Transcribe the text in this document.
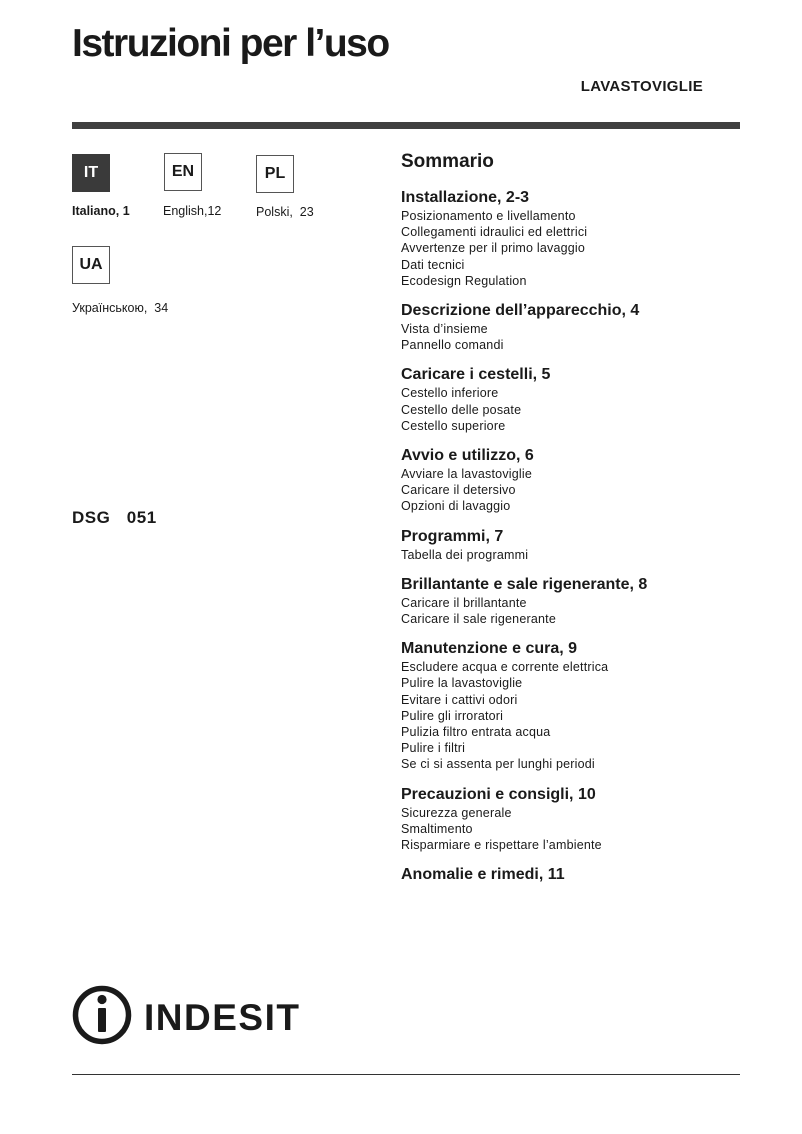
Istruzioni per l’uso
LAVASTOVIGLIE
IT
Italiano, 1
EN
English,12
PL
Polski,  23
UA
Українською,  34
DSG  051
Sommario
Installazione, 2-3
Posizionamento e livellamento
Collegamenti idraulici ed elettrici
Avvertenze per il primo lavaggio
Dati tecnici
Ecodesign Regulation
Descrizione dell’apparecchio, 4
Vista d’insieme
Pannello comandi
Caricare i cestelli, 5
Cestello inferiore
Cestello delle posate
Cestello superiore
Avvio e utilizzo, 6
Avviare la lavastoviglie
Caricare il detersivo
Opzioni di lavaggio
Programmi, 7
Tabella dei programmi
Brillantante e sale rigenerante, 8
Caricare il brillantante
Caricare il sale rigenerante
Manutenzione e cura, 9
Escludere acqua e corrente elettrica
Pulire la lavastoviglie
Evitare i cattivi odori
Pulire gli irroratori
Pulizia filtro entrata acqua
Pulire i filtri
Se ci si assenta per lunghi periodi
Precauzioni e consigli, 10
Sicurezza generale
Smaltimento
Risparmiare e rispettare l’ambiente
Anomalie e rimedi, 11
INDESIT
